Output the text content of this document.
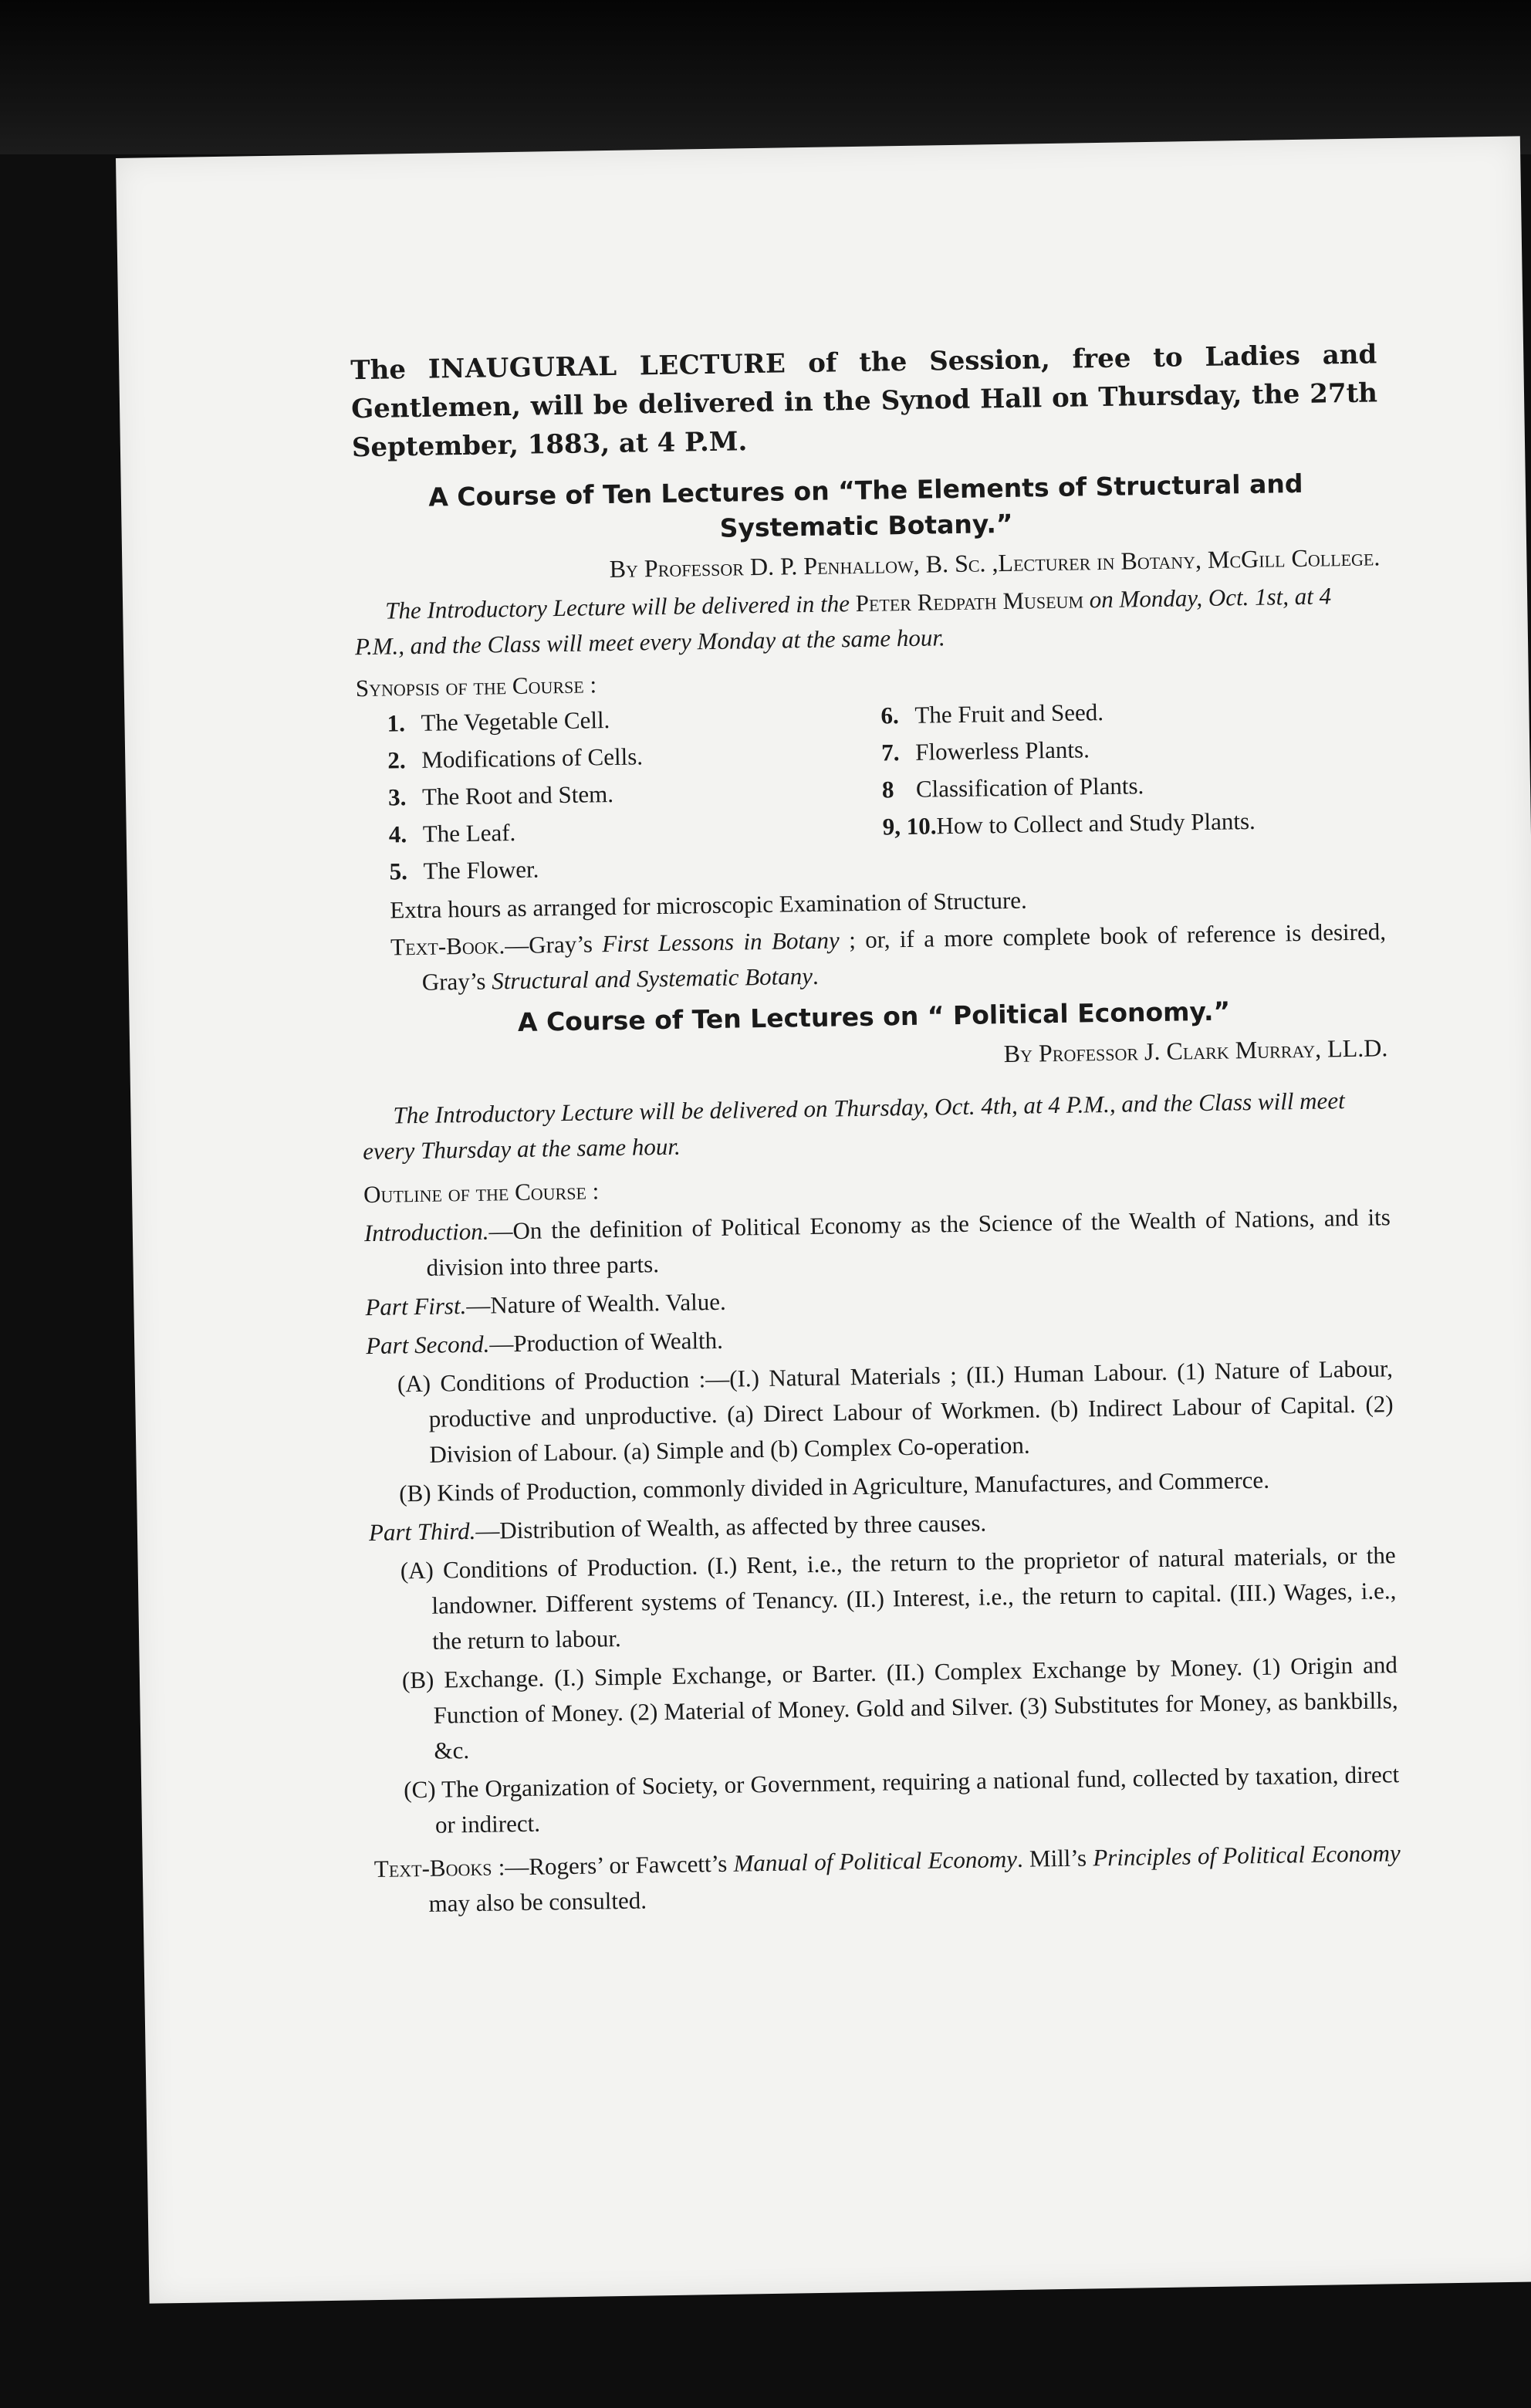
The INAUGURAL LECTURE of the Session, free to Ladies and Gentlemen, will be delivered in the Synod Hall on Thursday, the 27th September, 1883, at 4 P.M.

A Course of Ten Lectures on “The Elements of Structural and Systematic Botany.”
By Professor D. P. Penhallow, B. Sc. ,Lecturer in Botany, McGill College.
The Introductory Lecture will be delivered in the Peter Redpath Museum on Monday, Oct. 1st, at 4 P.M., and the Class will meet every Monday at the same hour.
Synopsis of the Course :
1. The Vegetable Cell.
2. Modifications of Cells.
3. The Root and Stem.
4. The Leaf.
5. The Flower.
6. The Fruit and Seed.
7. Flowerless Plants.
8 Classification of Plants.
9, 10.How to Collect and Study Plants.
Extra hours as arranged for microscopic Examination of Structure.
Text-Book.—Gray’s First Lessons in Botany ; or, if a more complete book of reference is desired, Gray’s Structural and Systematic Botany.
A Course of Ten Lectures on “ Political Economy.”
By Professor J. Clark Murray, LL.D.
The Introductory Lecture will be delivered on Thursday, Oct. 4th, at 4 P.M., and the Class will meet every Thursday at the same hour.
Outline of the Course :
Introduction.—On the definition of Political Economy as the Science of the Wealth of Nations, and its division into three parts.
Part First.—Nature of Wealth. Value.
Part Second.—Production of Wealth.
(A) Conditions of Production :—(I.) Natural Materials ; (II.) Human Labour. (1) Nature of Labour, productive and unproductive. (a) Direct Labour of Workmen. (b) Indirect Labour of Capital. (2) Division of Labour. (a) Simple and (b) Complex Co-operation.
(B) Kinds of Production, commonly divided in Agriculture, Manufactures, and Commerce.
Part Third.—Distribution of Wealth, as affected by three causes.
(A) Conditions of Production. (I.) Rent, i.e., the return to the proprietor of natural materials, or the landowner. Different systems of Tenancy. (II.) Interest, i.e., the return to capital. (III.) Wages, i.e., the return to labour.
(B) Exchange. (I.) Simple Exchange, or Barter. (II.) Complex Exchange by Money. (1) Origin and Function of Money. (2) Material of Money. Gold and Silver. (3) Substitutes for Money, as bankbills, &c.
(C) The Organization of Society, or Government, requiring a national fund, collected by taxation, direct or indirect.
Text-Books :—Rogers’ or Fawcett’s Manual of Political Economy. Mill’s Principles of Political Economy may also be consulted.
